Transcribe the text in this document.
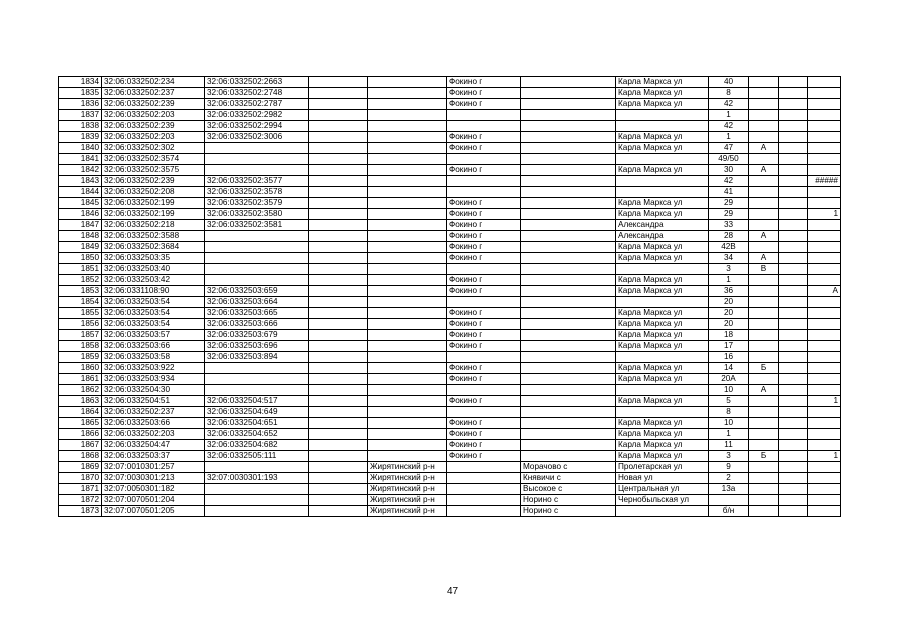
1834	32:06:0332502:234	32:06:0332502:2663			Фокино г		Карла Маркса ул	40			
1835	32:06:0332502:237	32:06:0332502:2748			Фокино г		Карла Маркса ул	8			
1836	32:06:0332502:239	32:06:0332502:2787			Фокино г		Карла Маркса ул	42			
1837	32:06:0332502:203	32:06:0332502:2982						1			
1838	32:06:0332502:239	32:06:0332502:2994						42			
1839	32:06:0332502:203	32:06:0332502:3006			Фокино г		Карла Маркса ул	1			
1840	32:06:0332502:302				Фокино г		Карла Маркса ул	47	А		
1841	32:06:0332502:3574							49/50			
1842	32:06:0332502:3575				Фокино г		Карла Маркса ул	30	А		
1843	32:06:0332502:239	32:06:0332502:3577						42			#####
1844	32:06:0332502:208	32:06:0332502:3578						41			
1845	32:06:0332502:199	32:06:0332502:3579			Фокино г		Карла Маркса ул	29			
1846	32:06:0332502:199	32:06:0332502:3580			Фокино г		Карла Маркса ул	29			1
1847	32:06:0332502:218	32:06:0332502:3581			Фокино г		Александра	33			
1848	32:06:0332502:3588				Фокино г		Александра	28	А		
1849	32:06:0332502:3684				Фокино г		Карла Маркса ул	42В			
1850	32:06:0332503:35				Фокино г		Карла Маркса ул	34	А		
1851	32:06:0332503:40							3	В		
1852	32:06:0332503:42				Фокино г		Карла Маркса ул	1			
1853	32:06:0331108:90	32:06:0332503:659			Фокино г		Карла Маркса ул	36			А
1854	32:06:0332503:54	32:06:0332503:664						20			
1855	32:06:0332503:54	32:06:0332503:665			Фокино г		Карла Маркса ул	20			
1856	32:06:0332503:54	32:06:0332503:666			Фокино г		Карла Маркса ул	20			
1857	32:06:0332503:57	32:06:0332503:679			Фокино г		Карла Маркса ул	18			
1858	32:06:0332503:66	32:06:0332503:696			Фокино г		Карла Маркса ул	17			
1859	32:06:0332503:58	32:06:0332503:894						16			
1860	32:06:0332503:922				Фокино г		Карла Маркса ул	14	Б		
1861	32:06:0332503:934				Фокино г		Карла Маркса ул	20А			
1862	32:06:0332504:30							10	А		
1863	32:06:0332504:51	32:06:0332504:517			Фокино г		Карла Маркса ул	5			1
1864	32:06:0332502:237	32:06:0332504:649						8			
1865	32:06:0332503:66	32:06:0332504:651			Фокино г		Карла Маркса ул	10			
1866	32:06:0332502:203	32:06:0332504:652			Фокино г		Карла Маркса ул	1			
1867	32:06:0332504:47	32:06:0332504:682			Фокино г		Карла Маркса ул	11			
1868	32:06:0332503:37	32:06:0332505:111			Фокино г		Карла Маркса ул	3	Б		1
1869	32:07:0010301:257			Жирятинский р-н		Морачово с	Пролетарская ул	9			
1870	32:07:0030301:213	32:07:0030301:193		Жирятинский р-н		Княвичи с	Новая ул	2			
1871	32:07:0050301:182			Жирятинский р-н		Высокое с	Центральная ул	13а			
1872	32:07:0070501:204			Жирятинский р-н		Норино с	Чернобыльская ул				
1873	32:07:0070501:205			Жирятинский р-н		Норино с		б/н			
47
